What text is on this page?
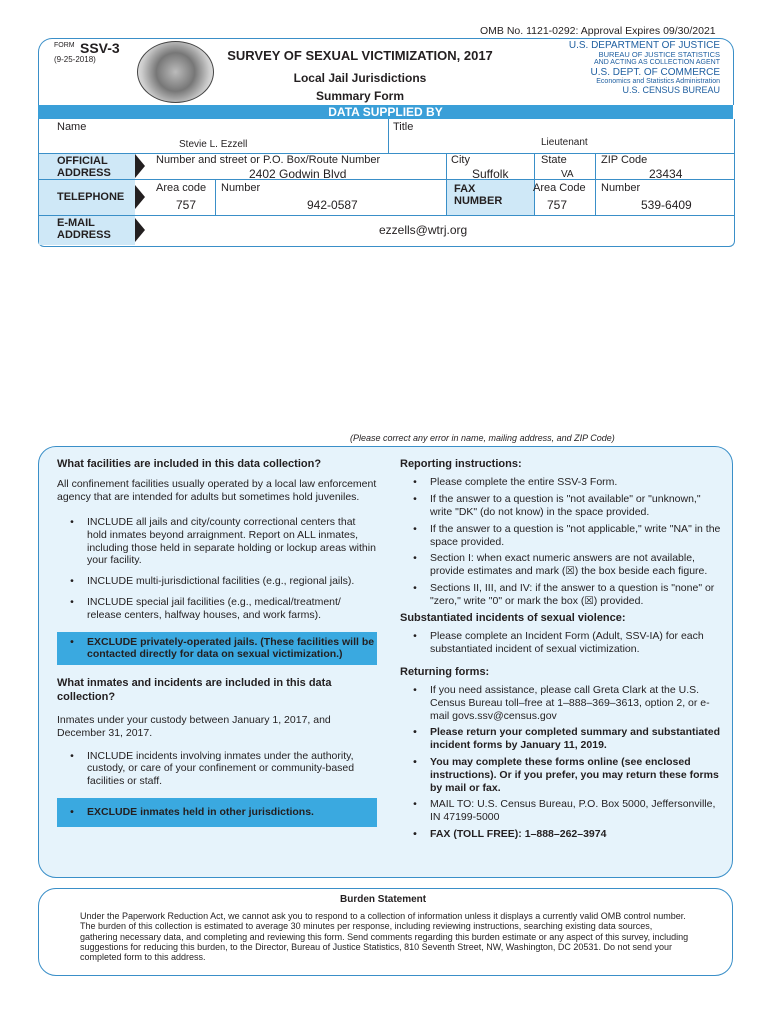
OMB No. 1121-0292: Approval Expires 09/30/2021
FORM SSV-3
(9-25-2018)	SURVEY OF SEXUAL VICTIMIZATION, 2017
Local Jail Jurisdictions
Summary Form
U.S. DEPARTMENT OF JUSTICE
BUREAU OF JUSTICE STATISTICS
AND ACTING AS COLLECTION AGENT
U.S. DEPT. OF COMMERCE
Economics and Statistics Administration
U.S. CENSUS BUREAU
DATA SUPPLIED BY
Name
Stevie L. Ezzell
Title
Lieutenant
OFFICIAL ADDRESS
Number and street or P.O. Box/Route Number
2402 Godwin Blvd
City
Suffolk
State
VA
ZIP Code
23434
TELEPHONE
Area code
757
Number
942-0587
FAX NUMBER
Area Code
757
Number
539-6409
E-MAIL ADDRESS	ezzells@wtrj.org
(Please correct any error in name, mailing address, and ZIP Code)

What facilities are included in this data collection?

All confinement facilities usually operated by a local law enforcement agency that are intended for adults but sometimes hold juveniles.

•	INCLUDE all jails and city/county correctional centers that hold inmates beyond arraignment. Report on ALL inmates, including those held in separate holding or lockup areas within your facility.
•	INCLUDE multi-jurisdictional facilities (e.g., regional jails).
•	INCLUDE special jail facilities (e.g., medical/treatment/ release centers, halfway houses, and work farms).
•	EXCLUDE privately-operated jails. (These facilities will be contacted directly for data on sexual victimization.)

What inmates and incidents are included in this data collection?

Inmates under your custody between January 1, 2017, and December 31, 2017.

•	INCLUDE incidents involving inmates under the authority, custody, or care of your confinement or community-based facilities or staff.
•	EXCLUDE inmates held in other jurisdictions.

Reporting instructions:

•	Please complete the entire SSV-3 Form.
•	If the answer to a question is "not available" or "unknown," write "DK" (do not know) in the space provided.
•	If the answer to a question is "not applicable," write "NA" in the space provided.
•	Section I: when exact numeric answers are not available, provide estimates and mark (☒) the box beside each figure.
•	Sections II, III, and IV: if the answer to a question is "none" or "zero," write "0" or mark the box (☒) provided.

Substantiated incidents of sexual violence:

•	Please complete an Incident Form (Adult, SSV-IA) for each substantiated incident of sexual victimization.

Returning forms:

•	If you need assistance, please call Greta Clark at the U.S. Census Bureau toll–free at 1–888–369–3613, option 2, or e-mail govs.ssv@census.gov
•	Please return your completed summary and substantiated incident forms by January 11, 2019.
•	You may complete these forms online (see enclosed instructions). Or if you prefer, you may return these forms by mail or fax.
•	MAIL TO: U.S. Census Bureau, P.O. Box 5000, Jeffersonville, IN 47199-5000
•	FAX (TOLL FREE): 1–888–262–3974
Burden Statement
Under the Paperwork Reduction Act, we cannot ask you to respond to a collection of information unless it displays a currently valid OMB control number. The burden of this collection is estimated to average 30 minutes per response, including reviewing instructions, searching existing data sources, gathering necessary data, and completing and reviewing this form. Send comments regarding this burden estimate or any aspect of this survey, including suggestions for reducing this burden, to the Director, Bureau of Justice Statistics, 810 Seventh Street, NW, Washington, DC 20531. Do not send your completed form to this address.
